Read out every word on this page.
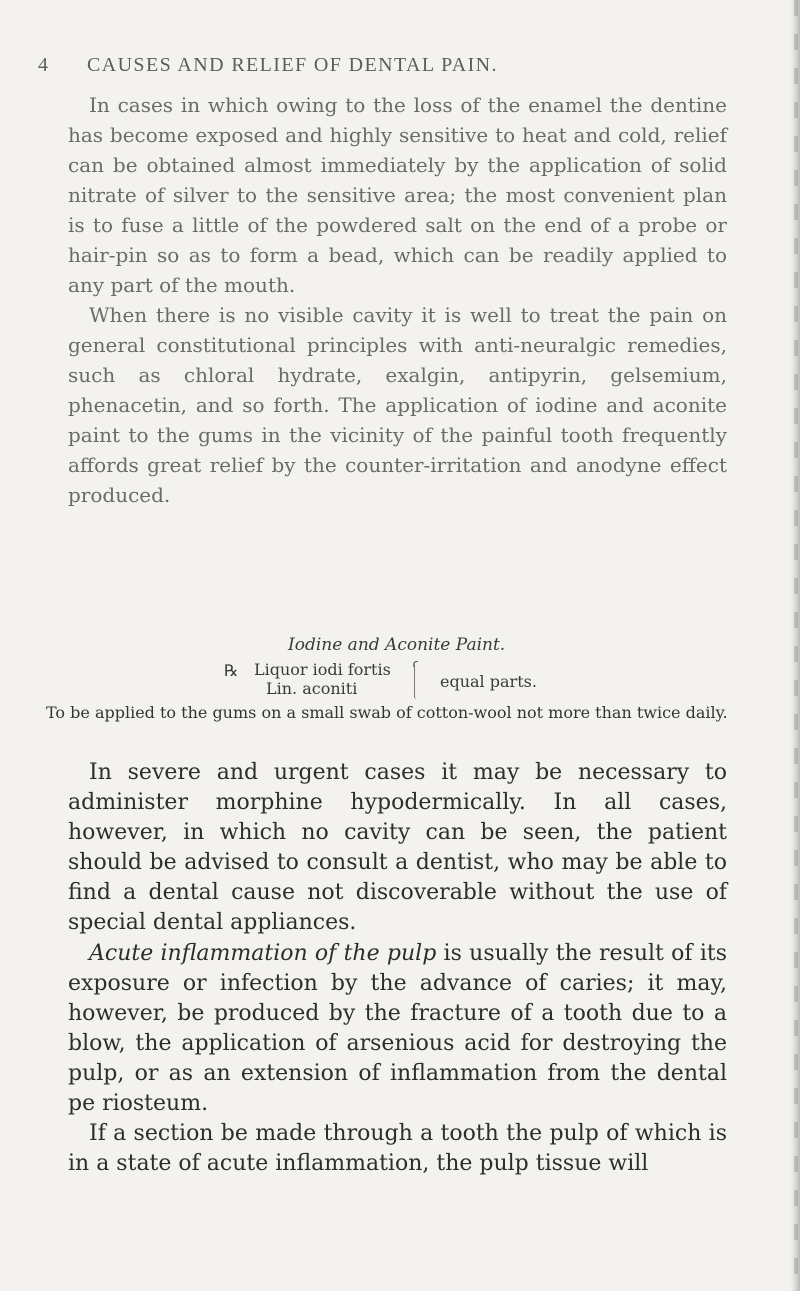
4 CAUSES AND RELIEF OF DENTAL PAIN.

In cases in which owing to the loss of the enamel the dentine has become exposed and highly sensitive to heat and cold, relief can be obtained almost immediately by the application of solid nitrate of silver to the sensitive area; the most convenient plan is to fuse a little of the powdered salt on the end of a probe or hair-pin so as to form a bead, which can be readily applied to any part of the mouth.

When there is no visible cavity it is well to treat the pain on general constitutional principles with anti-neuralgic remedies, such as chloral hydrate, exalgin, antipyrin, gelsemium, phenacetin, and so forth. The application of iodine and aconite paint to the gums in the vicinity of the painful tooth frequently affords great relief by the counter-irritation and anodyne effect produced.

Iodine and Aconite Paint.
℞ Liquor iodi fortis
Lin. aconiti	equal parts.
To be applied to the gums on a small swab of cotton-wool not more than twice daily.

In severe and urgent cases it may be necessary to administer morphine hypodermically. In all cases, however, in which no cavity can be seen, the patient should be advised to consult a dentist, who may be able to find a dental cause not discoverable without the use of special dental appliances.

Acute inflammation of the pulp is usually the result of its exposure or infection by the advance of caries; it may, however, be produced by the fracture of a tooth due to a blow, the application of arsenious acid for destroying the pulp, or as an extension of inflammation from the dental pe riosteum.

If a section be made through a tooth the pulp of which is in a state of acute inflammation, the pulp tissue will
